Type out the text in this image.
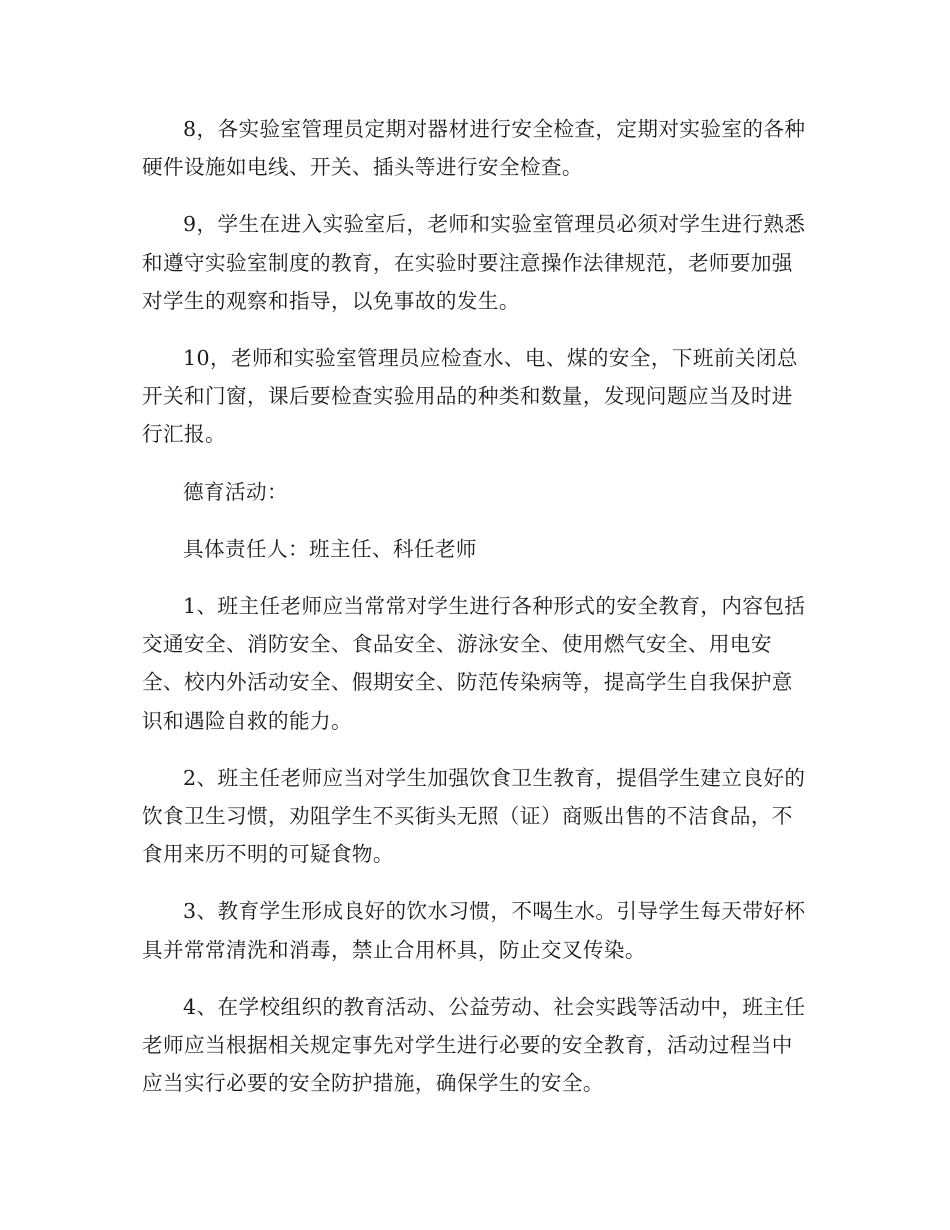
8，各实验室管理员定期对器材进行安全检查，定期对实验室的各种硬件设施如电线、开关、插头等进行安全检查。

9，学生在进入实验室后，老师和实验室管理员必须对学生进行熟悉和遵守实验室制度的教育，在实验时要注意操作法律规范，老师要加强对学生的观察和指导，以免事故的发生。

10，老师和实验室管理员应检查水、电、煤的安全，下班前关闭总开关和门窗，课后要检查实验用品的种类和数量，发现问题应当及时进行汇报。

德育活动：

具体责任人：班主任、科任老师

1、班主任老师应当常常对学生进行各种形式的安全教育，内容包括交通安全、消防安全、食品安全、游泳安全、使用燃气安全、用电安全、校内外活动安全、假期安全、防范传染病等，提高学生自我保护意识和遇险自救的能力。

2、班主任老师应当对学生加强饮食卫生教育，提倡学生建立良好的饮食卫生习惯，劝阻学生不买街头无照（证）商贩出售的不洁食品，不食用来历不明的可疑食物。

3、教育学生形成良好的饮水习惯，不喝生水。引导学生每天带好杯具并常常清洗和消毒，禁止合用杯具，防止交叉传染。

4、在学校组织的教育活动、公益劳动、社会实践等活动中，班主任老师应当根据相关规定事先对学生进行必要的安全教育，活动过程当中应当实行必要的安全防护措施，确保学生的安全。
